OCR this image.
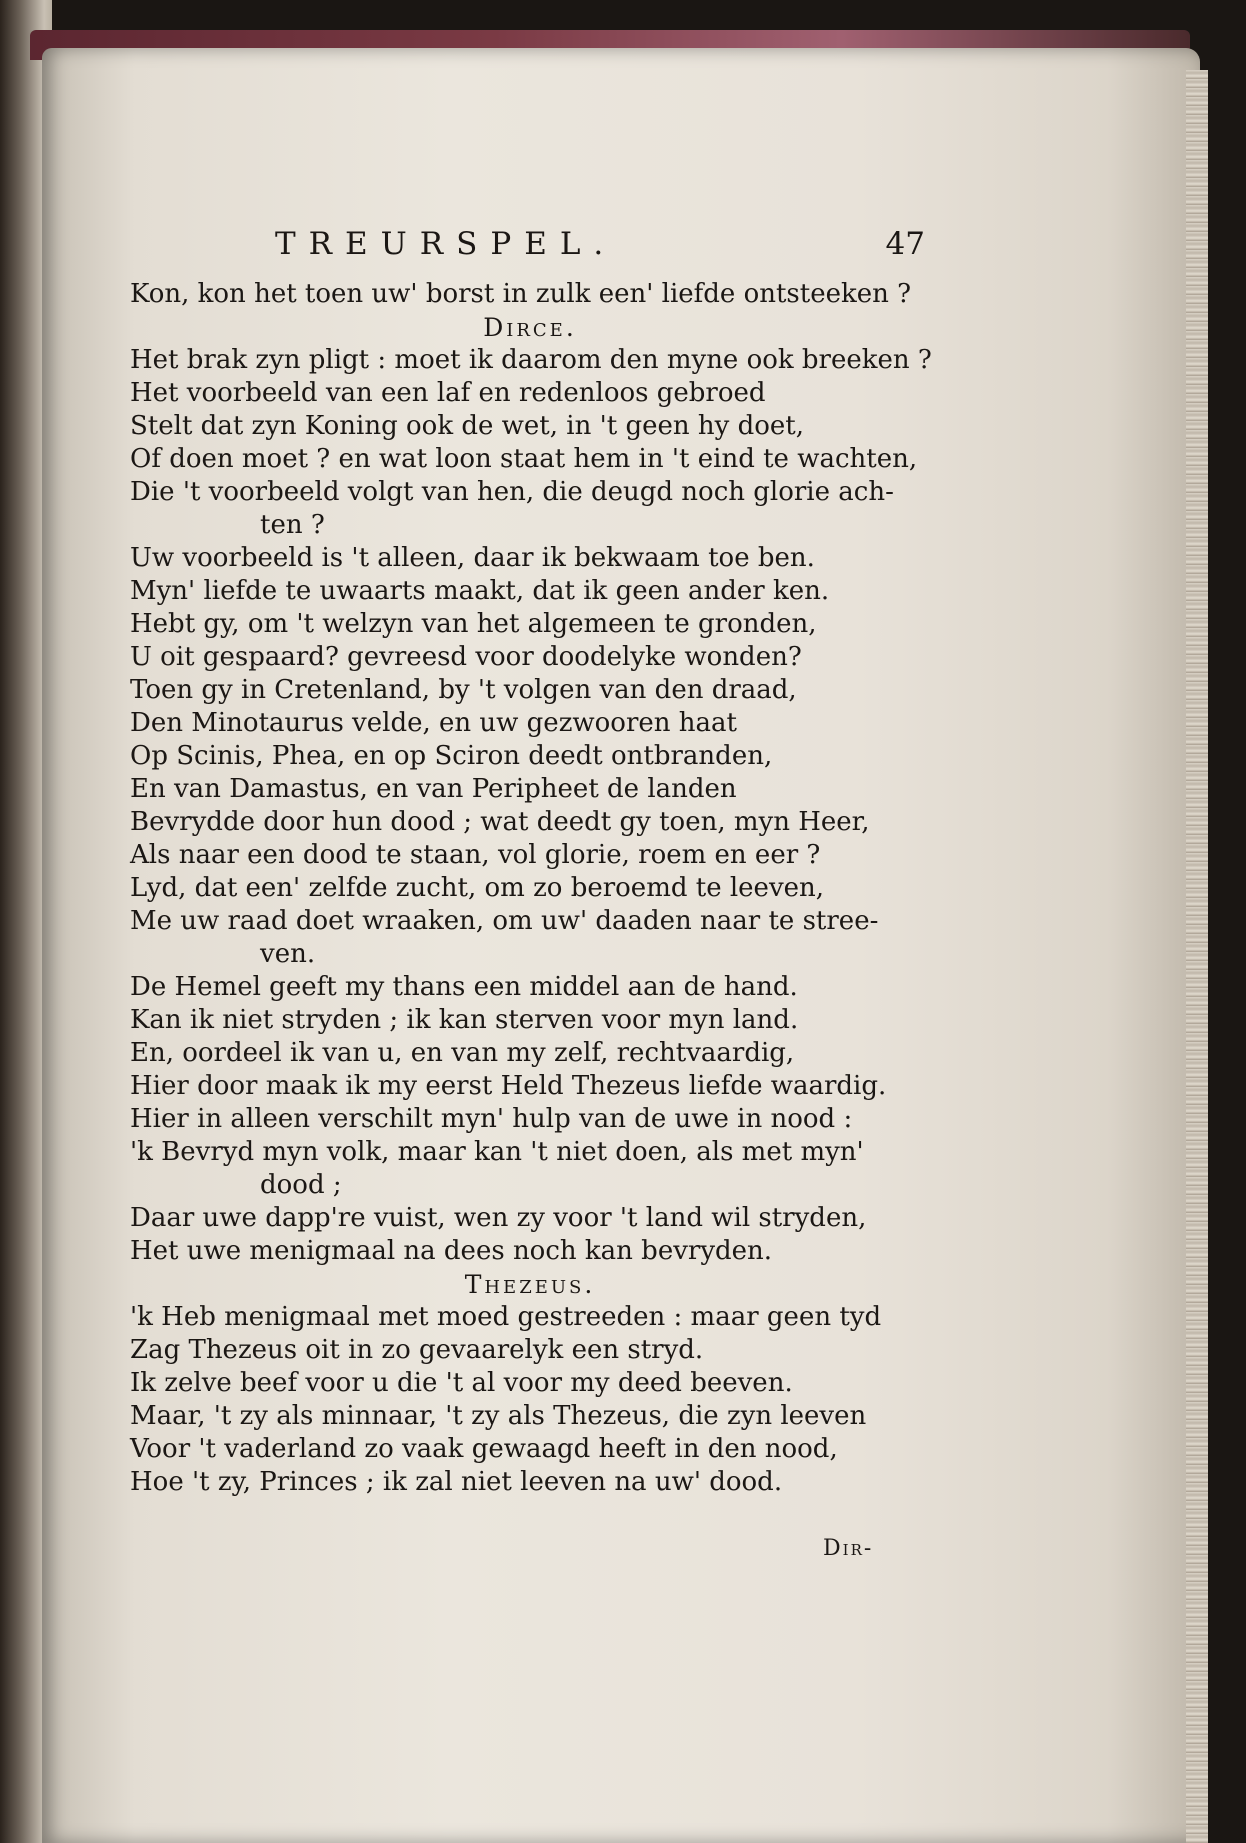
TREURSPEL.	47
Kon, kon het toen uw' borst in zulk een' liefde ontsteeken ?
Dirce.
Het brak zyn pligt : moet ik daarom den myne ook breeken ?
Het voorbeeld van een laf en redenloos gebroed
Stelt dat zyn Koning ook de wet, in 't geen hy doet,
Of doen moet ? en wat loon staat hem in 't eind te wachten,
Die 't voorbeeld volgt van hen, die deugd noch glorie ach-
ten ?
Uw voorbeeld is 't alleen, daar ik bekwaam toe ben.
Myn' liefde te uwaarts maakt, dat ik geen ander ken.
Hebt gy, om 't welzyn van het algemeen te gronden,
U oit gespaard? gevreesd voor doodelyke wonden?
Toen gy in Cretenland, by 't volgen van den draad,
Den Minotaurus velde, en uw gezwooren haat
Op Scinis, Phea, en op Sciron deedt ontbranden,
En van Damastus, en van Peripheet de landen
Bevrydde door hun dood ; wat deedt gy toen, myn Heer,
Als naar een dood te staan, vol glorie, roem en eer ?
Lyd, dat een' zelfde zucht, om zo beroemd te leeven,
Me uw raad doet wraaken, om uw' daaden naar te stree-
ven.
De Hemel geeft my thans een middel aan de hand.
Kan ik niet stryden ; ik kan sterven voor myn land.
En, oordeel ik van u, en van my zelf, rechtvaardig,
Hier door maak ik my eerst Held Thezeus liefde waardig.
Hier in alleen verschilt myn' hulp van de uwe in nood :
'k Bevryd myn volk, maar kan 't niet doen, als met myn'
dood ;
Daar uwe dapp're vuist, wen zy voor 't land wil stryden,
Het uwe menigmaal na dees noch kan bevryden.
Thezeus.
'k Heb menigmaal met moed gestreeden : maar geen tyd
Zag Thezeus oit in zo gevaarelyk een stryd.
Ik zelve beef voor u die 't al voor my deed beeven.
Maar, 't zy als minnaar, 't zy als Thezeus, die zyn leeven
Voor 't vaderland zo vaak gewaagd heeft in den nood,
Hoe 't zy, Princes ; ik zal niet leeven na uw' dood.
Dir-
